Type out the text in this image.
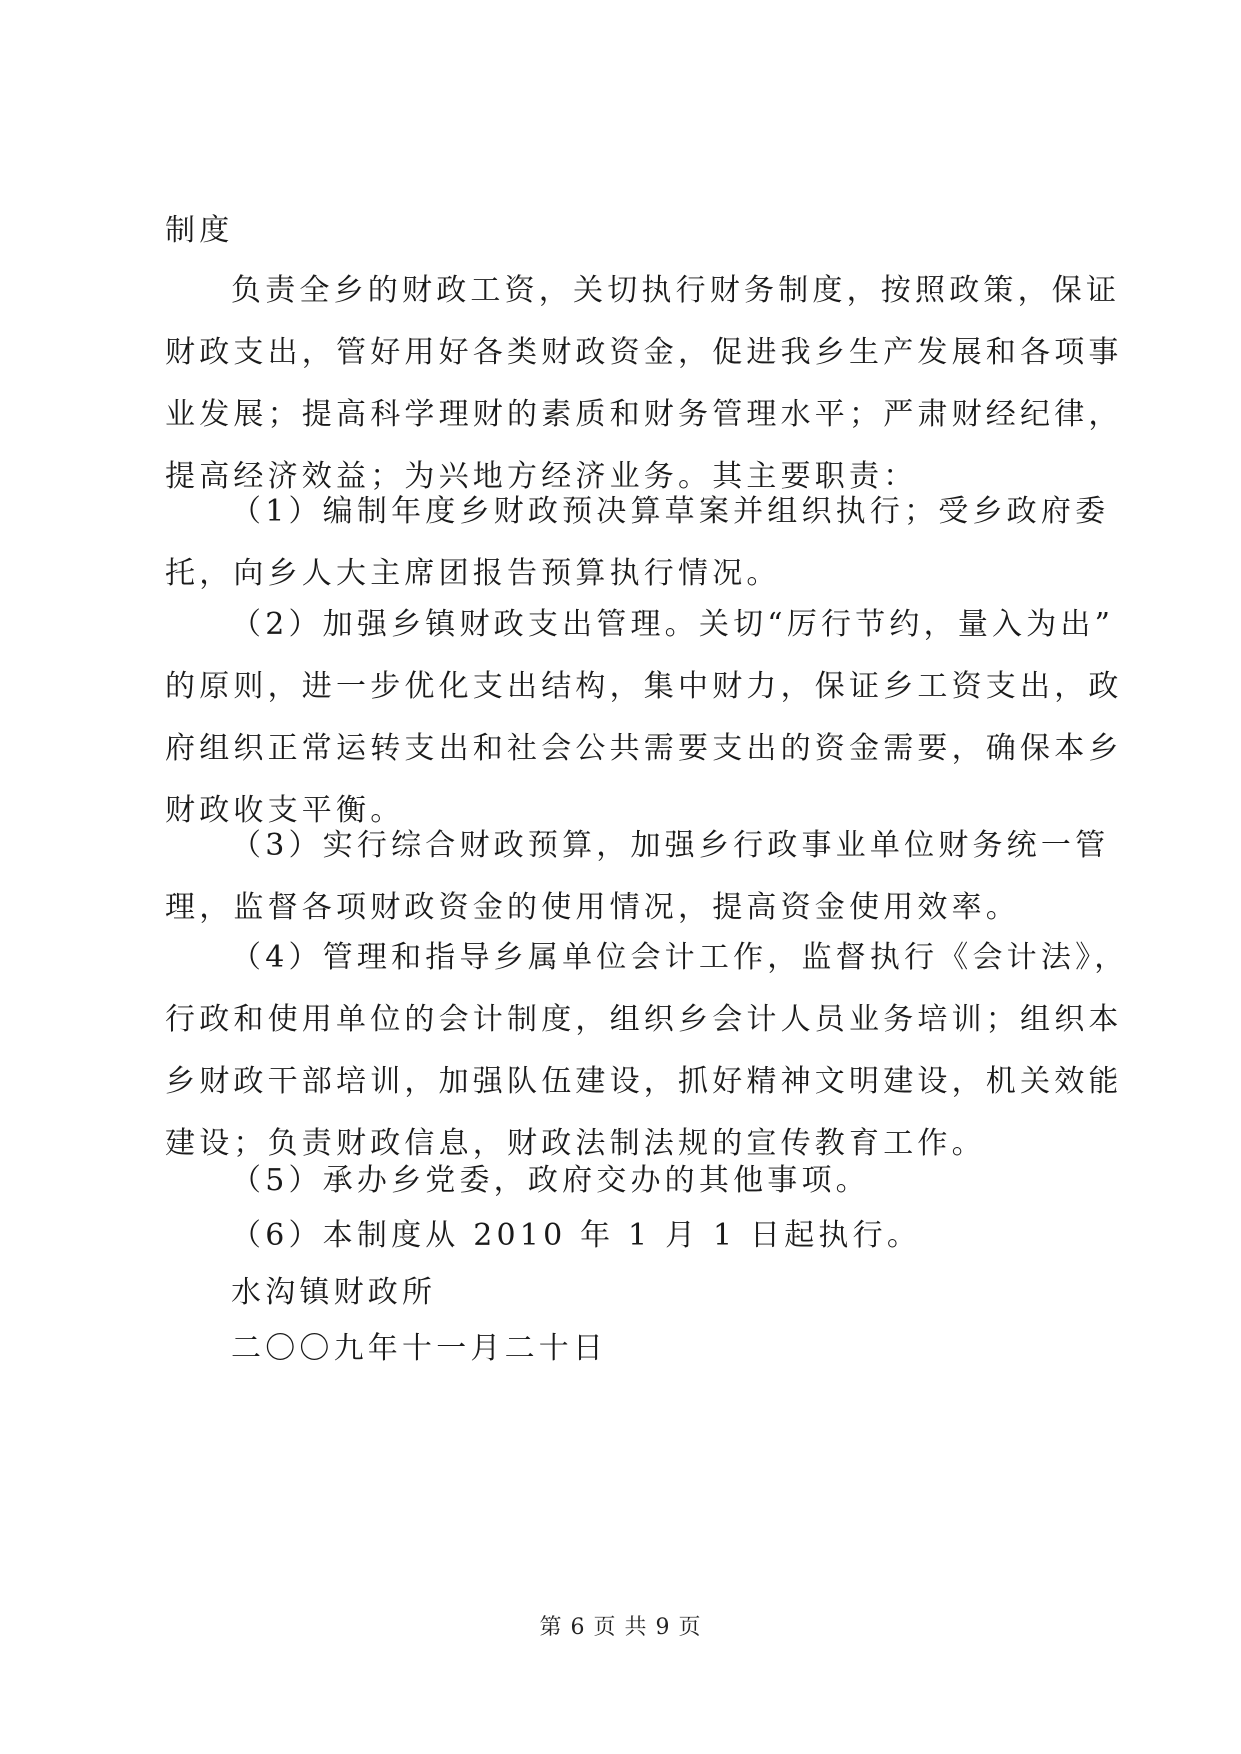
制度
负责全乡的财政工资，关切执行财务制度，按照政策，保证
财政支出，管好用好各类财政资金，促进我乡生产发展和各项事
业发展；提高科学理财的素质和财务管理水平；严肃财经纪律，
提高经济效益；为兴地方经济业务。其主要职责：
（1）编制年度乡财政预决算草案并组织执行；受乡政府委
托，向乡人大主席团报告预算执行情况。
（2）加强乡镇财政支出管理。关切“厉行节约，量入为出”
的原则，进一步优化支出结构，集中财力，保证乡工资支出，政
府组织正常运转支出和社会公共需要支出的资金需要，确保本乡
财政收支平衡。
（3）实行综合财政预算，加强乡行政事业单位财务统一管
理，监督各项财政资金的使用情况，提高资金使用效率。
（4）管理和指导乡属单位会计工作，监督执行《会计法》，
行政和使用单位的会计制度，组织乡会计人员业务培训；组织本
乡财政干部培训，加强队伍建设，抓好精神文明建设，机关效能
建设；负责财政信息，财政法制法规的宣传教育工作。
（5）承办乡党委，政府交办的其他事项。
（6）本制度从 2010 年 1 月 1 日起执行。
水沟镇财政所
二〇〇九年十一月二十日
第 6 页 共 9 页
